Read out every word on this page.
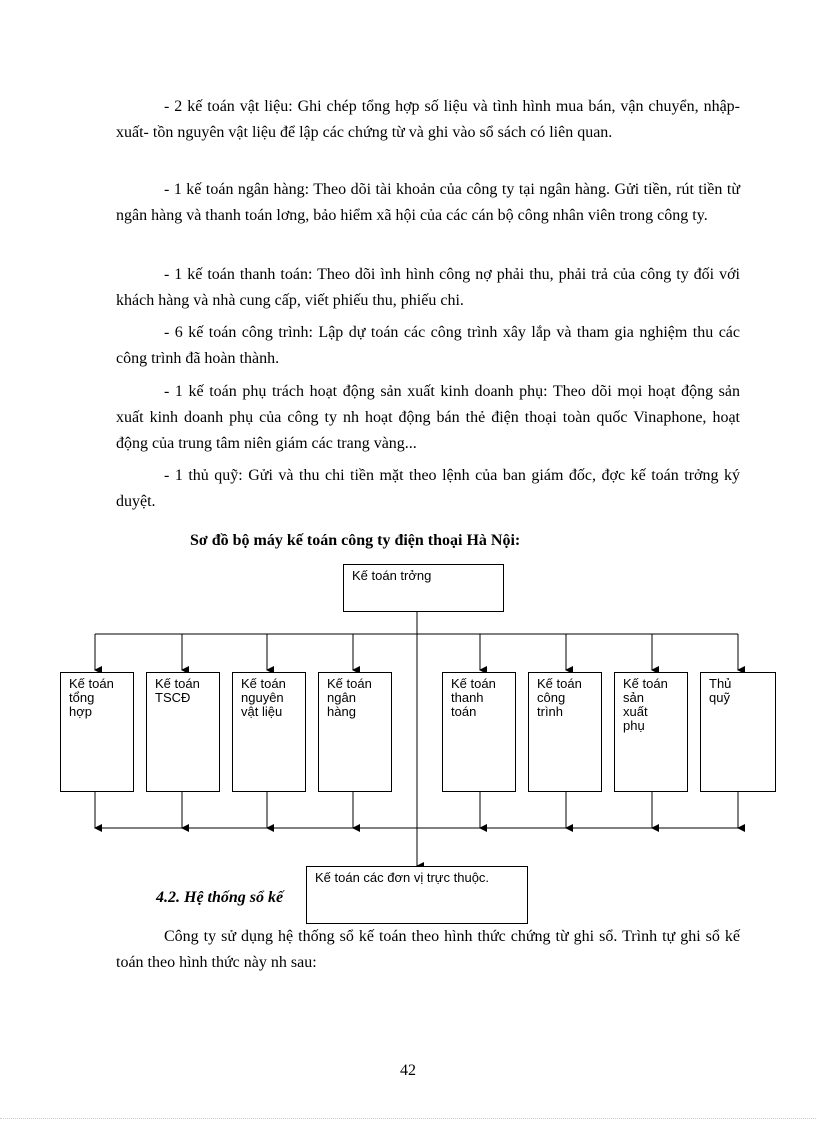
- 2 kế toán vật liệu: Ghi chép tổng hợp số liệu và tình hình mua bán, vận chuyển, nhập- xuất- tồn nguyên vật liệu để lập các chứng từ và ghi vào sổ sách có liên quan.

- 1 kế toán ngân hàng: Theo dõi tài khoản của công ty tại ngân hàng. Gửi tiền, rút tiền từ ngân hàng và thanh toán lơng, bảo hiểm xã hội của các cán bộ công nhân viên trong công ty.

- 1 kế toán thanh toán: Theo dõi ình hình công nợ phải thu, phải trả của công ty đối với khách hàng và nhà cung cấp, viết phiếu thu, phiếu chi.

- 6 kế toán công trình: Lập dự toán các công trình xây lắp và tham gia nghiệm thu các công trình đã hoàn thành.

- 1 kế toán phụ trách hoạt động sản xuất kinh doanh phụ: Theo dõi mọi hoạt động sản xuất kinh doanh phụ của công ty nh hoạt động bán thẻ điện thoại toàn quốc Vinaphone, hoạt động của trung tâm niên giám các trang vàng...

- 1 thủ quỹ: Gửi và thu chi tiền mặt theo lệnh của ban giám đốc, đợc kế toán trởng ký duyệt.

Sơ đồ bộ máy kế toán công ty điện thoại Hà Nội:

Kế toán trởng
Kế toán
tổng
hợp
Kế toán
TSCĐ
Kế toán
nguyên
vật liệu
Kế toán
ngân
hàng
Kế toán
thanh
toán
Kế toán
công
trình
Kế toán
sản
xuất
phụ
Thủ
quỹ

4.2. Hệ thống sổ kế

Kế toán các đơn vị trực thuộc.

Công ty sử dụng hệ thống sổ kế toán theo hình thức chứng từ ghi sổ. Trình tự ghi sổ kế toán theo hình thức này nh sau:

42
